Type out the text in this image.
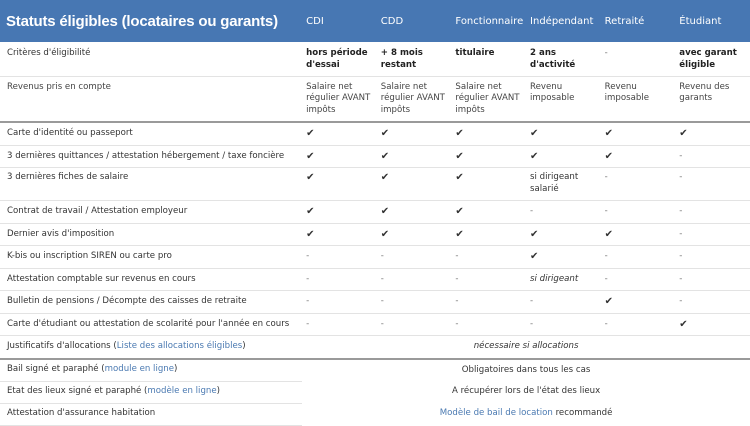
Statuts éligibles (locataires ou garants)	CDI	CDD	Fonctionnaire	Indépendant	Retraité	Étudiant
Critères d'éligibilité	hors période d'essai	+ 8 mois restant	titulaire	2 ans d'activité	-	avec garant éligible
Revenus pris en compte	Salaire net régulier AVANT impôts	Salaire net régulier AVANT impôts	Salaire net régulier AVANT impôts	Revenu imposable	Revenu imposable	Revenu des garants
Carte d'identité ou passeport	✔	✔	✔	✔	✔	✔
3 dernières quittances / attestation hébergement / taxe foncière	✔	✔	✔	✔	✔	-
3 dernières fiches de salaire	✔	✔	✔	si dirigeant salarié	-	-
Contrat de travail / Attestation employeur	✔	✔	✔	-	-	-
Dernier avis d'imposition	✔	✔	✔	✔	✔	-
K-bis ou inscription SIREN ou carte pro	-	-	-	✔	-	-
Attestation comptable sur revenus en cours	-	-	-	si dirigeant	-	-
Bulletin de pensions / Décompte des caisses de retraite	-	-	-	-	✔	-
Carte d'étudiant ou attestation de scolarité pour l'année en cours	-	-	-	-	-	✔
Justificatifs d'allocations (Liste des allocations éligibles)	nécessaire si allocations					
Bail signé et paraphé (module en ligne)	Obligatoires dans tous les cas					
Etat des lieux signé et paraphé (modèle en ligne)	A récupérer lors de l'état des lieux					
Attestation d'assurance habitation	Modèle de bail de location recommandé					
